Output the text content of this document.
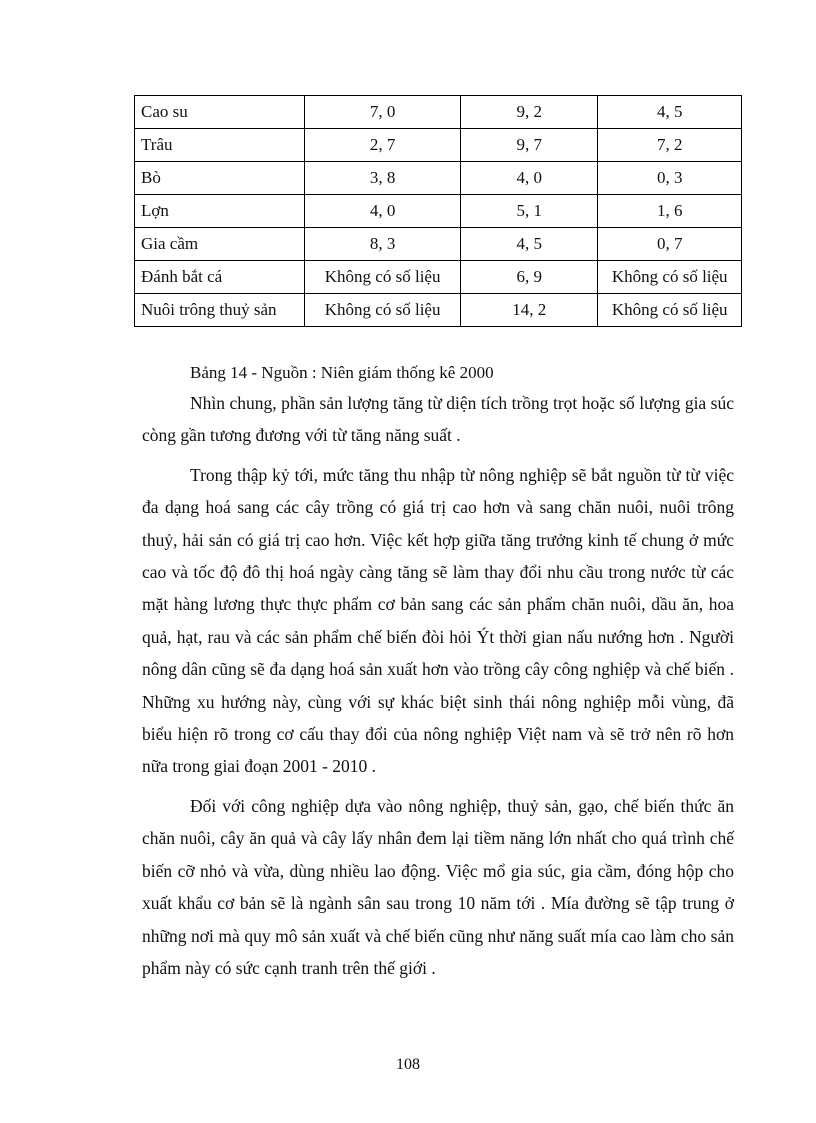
Cao su	7, 0	9, 2	4, 5
Trâu	2, 7	9, 7	7, 2
Bò	3, 8	4, 0	0, 3
Lợn	4, 0	5, 1	1, 6
Gia cầm	8, 3	4, 5	0, 7
Đánh bắt cá	Không có số liệu	6, 9	Không có số liệu
Nuôi trông thuỷ sản	Không có số liệu	14, 2	Không có số liệu
Bảng 14 - Nguồn : Niên giám thống kê 2000

Nhìn chung, phần sản lượng tăng từ diện tích trồng trọt hoặc số lượng gia súc còng gần tương đương với từ tăng năng suất .

Trong thập kỷ tới, mức tăng thu nhập từ nông nghiệp sẽ bắt nguồn từ từ việc đa dạng hoá sang các cây trồng có giá trị cao hơn và sang chăn nuôi, nuôi trông thuỷ, hải sản có giá trị cao hơn. Việc kết hợp giữa tăng trưởng kinh tế chung ở mức cao và tốc độ đô thị hoá ngày càng tăng sẽ làm thay đổi nhu cầu trong nước từ các mặt hàng lương thực thực phẩm cơ bản sang các sản phẩm chăn nuôi, dầu ăn, hoa quả, hạt, rau và các sản phẩm chế biến đòi hỏi Ýt thời gian nấu nướng hơn . Người nông dân cũng sẽ đa dạng hoá sản xuất hơn vào trồng cây công nghiệp và chế biến . Những xu hướng này, cùng với sự khác biệt sinh thái nông nghiệp mỗi vùng, đã biểu hiện rõ trong cơ cấu thay đổi của nông nghiệp Việt nam và sẽ trở nên rõ hơn nữa trong giai đoạn 2001 - 2010 .

Đối với công nghiệp dựa vào nông nghiệp, thuỷ sản, gạo, chế biến thức ăn chăn nuôi, cây ăn quả và cây lấy nhân đem lại tiềm năng lớn nhất cho quá trình chế biến cỡ nhỏ và vừa, dùng nhiều lao động. Việc mổ gia súc, gia cầm, đóng hộp cho xuất khẩu cơ bản sẽ là ngành sân sau trong 10 năm tới . Mía đường sẽ tập trung ở những nơi mà quy mô sản xuất và chế biến cũng như năng suất mía cao làm cho sản phẩm này có sức cạnh tranh trên thế giới .

108
